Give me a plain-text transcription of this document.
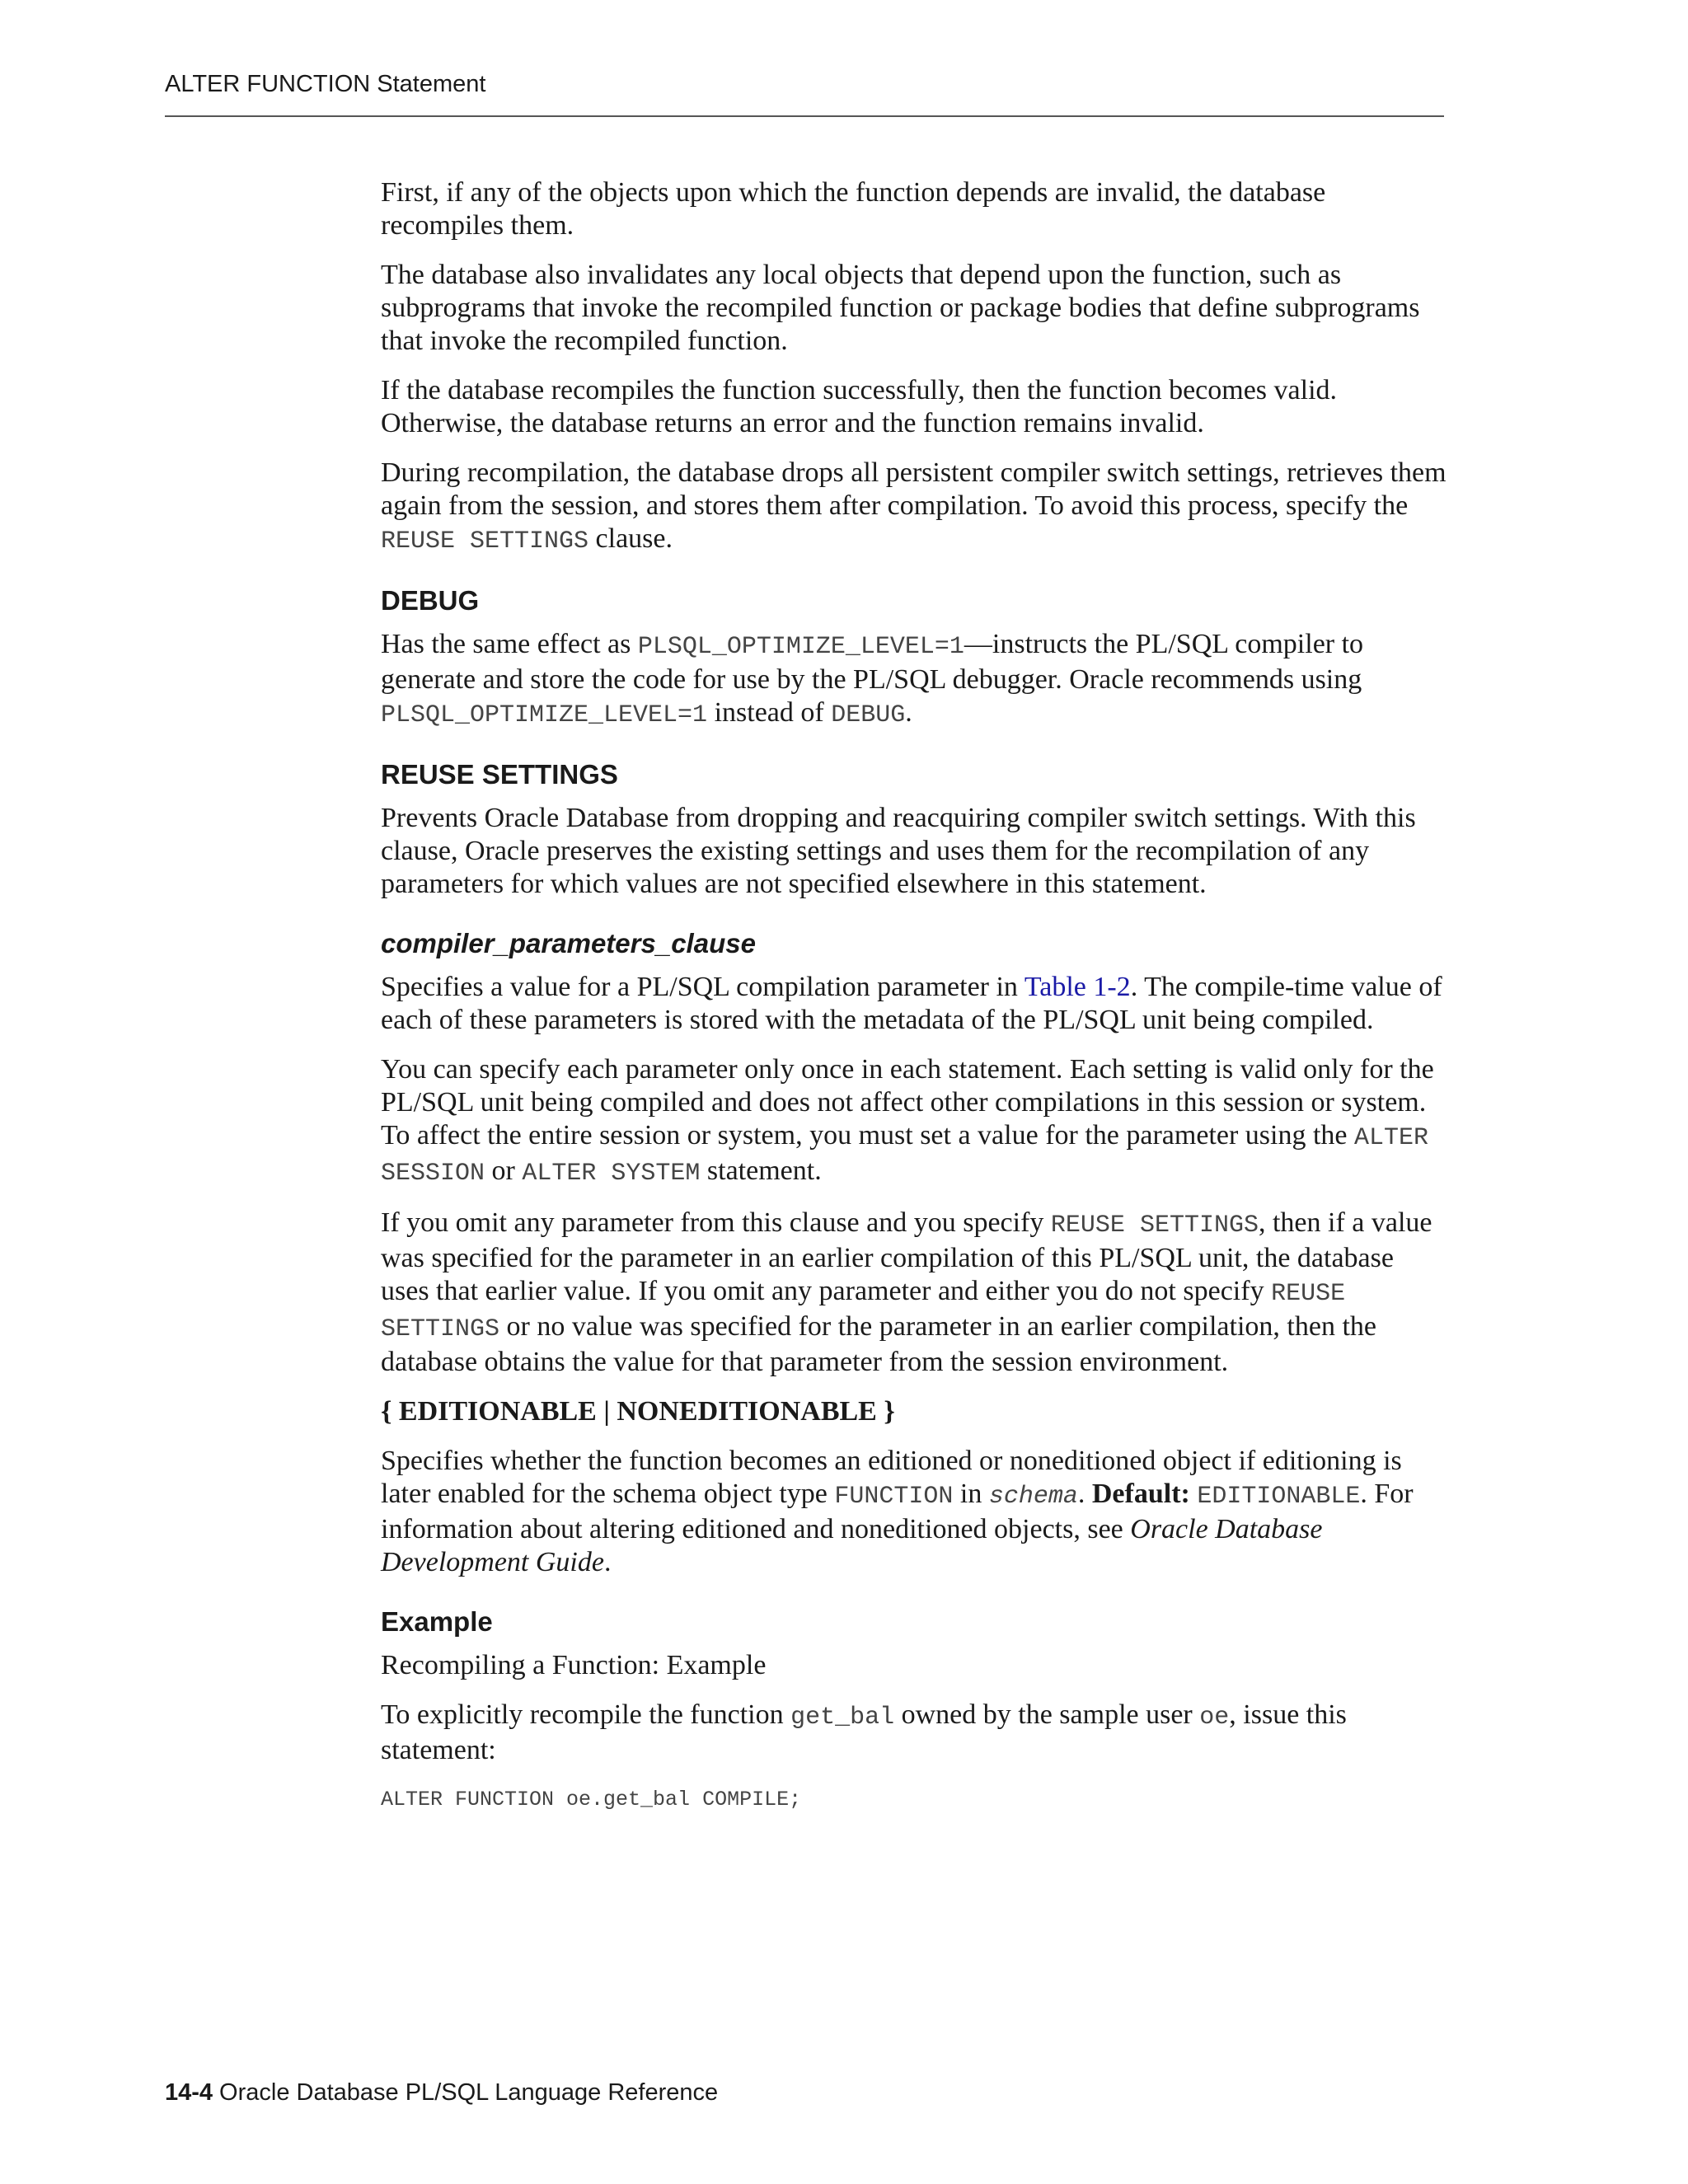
ALTER FUNCTION Statement

First, if any of the objects upon which the function depends are invalid, the database recompiles them.

The database also invalidates any local objects that depend upon the function, such as subprograms that invoke the recompiled function or package bodies that define subprograms that invoke the recompiled function.

If the database recompiles the function successfully, then the function becomes valid. Otherwise, the database returns an error and the function remains invalid.

During recompilation, the database drops all persistent compiler switch settings, retrieves them again from the session, and stores them after compilation. To avoid this process, specify the REUSE SETTINGS clause.

DEBUG

Has the same effect as PLSQL_OPTIMIZE_LEVEL=1—instructs the PL/SQL compiler to generate and store the code for use by the PL/SQL debugger. Oracle recommends using PLSQL_OPTIMIZE_LEVEL=1 instead of DEBUG.

REUSE SETTINGS

Prevents Oracle Database from dropping and reacquiring compiler switch settings. With this clause, Oracle preserves the existing settings and uses them for the recompilation of any parameters for which values are not specified elsewhere in this statement.

compiler_parameters_clause

Specifies a value for a PL/SQL compilation parameter in Table 1-2. The compile-time value of each of these parameters is stored with the metadata of the PL/SQL unit being compiled.

You can specify each parameter only once in each statement. Each setting is valid only for the PL/SQL unit being compiled and does not affect other compilations in this session or system. To affect the entire session or system, you must set a value for the parameter using the ALTER SESSION or ALTER SYSTEM statement.

If you omit any parameter from this clause and you specify REUSE SETTINGS, then if a value was specified for the parameter in an earlier compilation of this PL/SQL unit, the database uses that earlier value. If you omit any parameter and either you do not specify REUSE SETTINGS or no value was specified for the parameter in an earlier compilation, then the database obtains the value for that parameter from the session environment.

{ EDITIONABLE | NONEDITIONABLE }

Specifies whether the function becomes an editioned or noneditioned object if editioning is later enabled for the schema object type FUNCTION in schema. Default: EDITIONABLE. For information about altering editioned and noneditioned objects, see Oracle Database Development Guide.

Example

Recompiling a Function: Example

To explicitly recompile the function get_bal owned by the sample user oe, issue this statement:

ALTER FUNCTION oe.get_bal COMPILE;
14-4 Oracle Database PL/SQL Language Reference
